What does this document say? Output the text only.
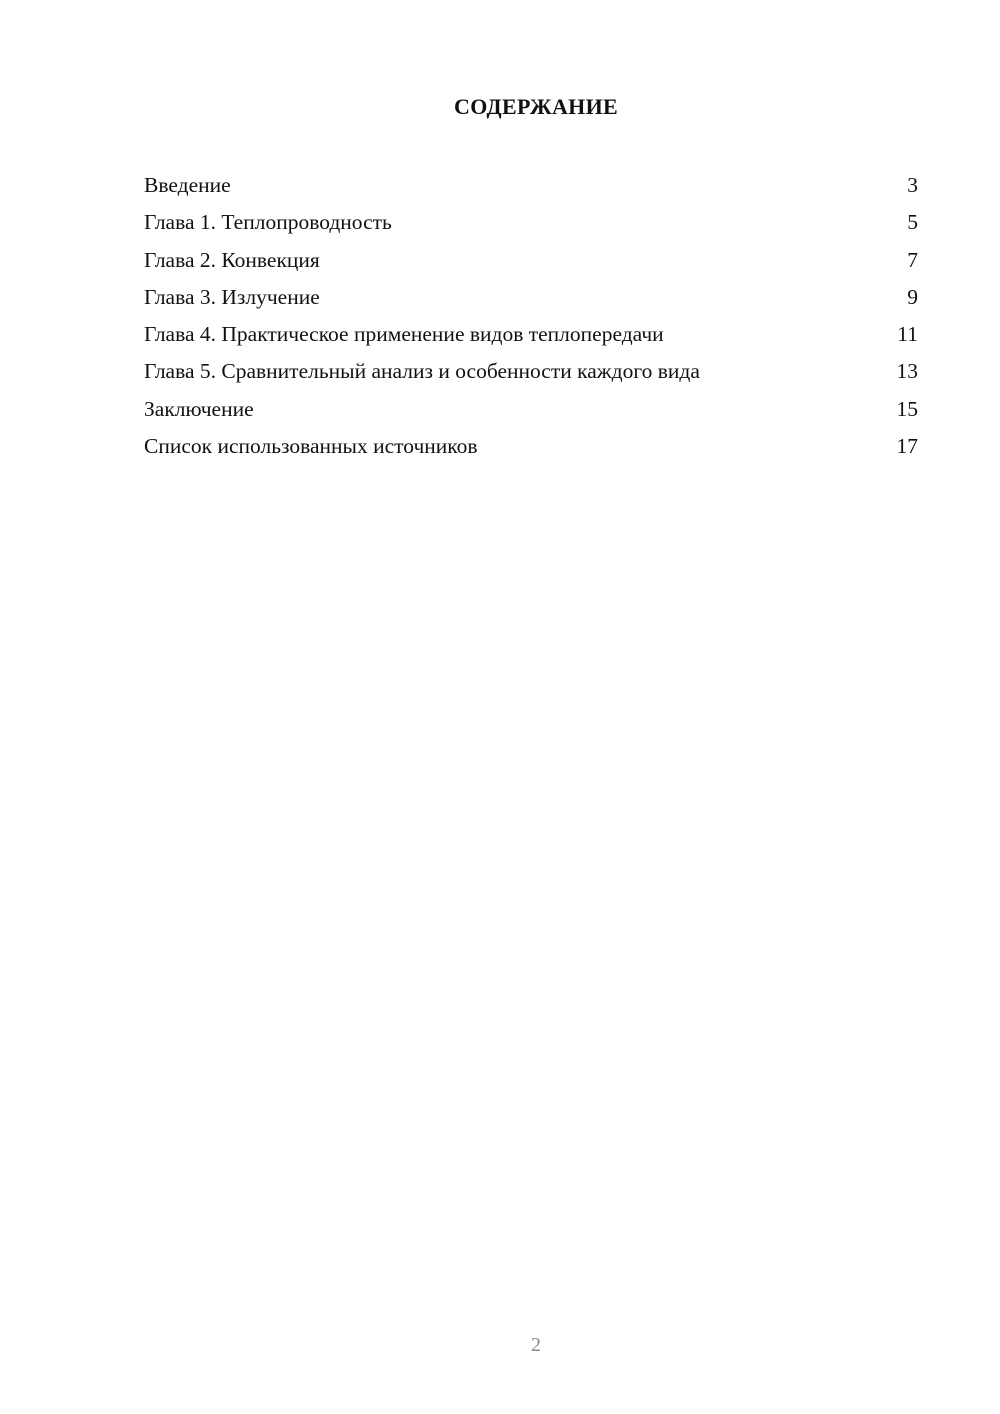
СОДЕРЖАНИЕ
Введение	3
Глава 1. Теплопроводность	5
Глава 2. Конвекция	7
Глава 3. Излучение	9
Глава 4. Практическое применение видов теплопередачи	11
Глава 5. Сравнительный анализ и особенности каждого вида	13
Заключение	15
Список использованных источников	17
2
